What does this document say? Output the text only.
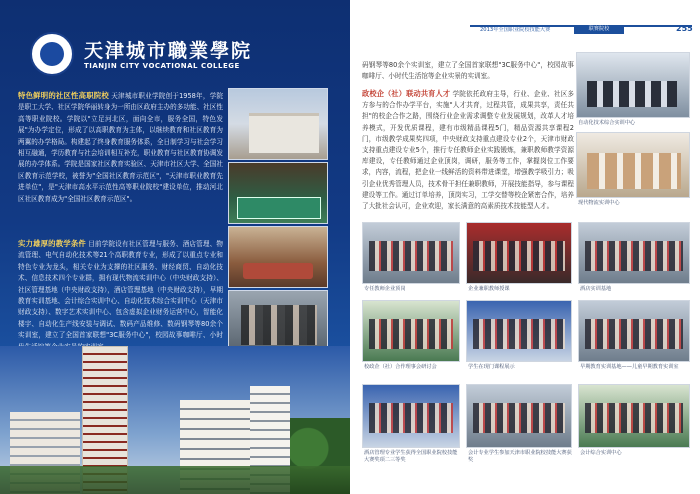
天津城市職業學院
TIANJIN CITY VOCATIONAL COLLEGE
特色鲜明的社区性高职院校 天津城市职业学院创于1958年，学院是职工大学、社区学院华丽转身为一所由区政府主办的多功能、社区性高等职业院校。学院以"立足河北区，面向全市，服务全国，特色发展"为办学定位，形成了以高职教育为主体，以继续教育和社区教育为两翼的办学格局。构建起了终身教育服务体系，全日制学习与社会学习相互融通，学历教育与社会培训相互补充，职业教育与社区教育协调发展的办学体系。学院是国家社区教育实验区、天津市社区大学、全国社区教育示范学校，被誉为"全国社区教育示范区"，"天津市职业教育先进单位"，是"天津市高水平示范性高等职业院校"建设单位，推动河北区社区教育成为"全国社区教育示范区"。
实力雄厚的教学条件 目前学院设有社区管理与服务、酒店管理、物流管理、电气自动化技术等21个高职教育专业，形成了以重点专业和特色专业为龙头，相关专业为支撑的社区服务、财经商贸、自动化技术、信息技术四个专业群，拥有现代物流实训中心（中央财政支持）、社区管理基地（中央财政支持），酒店管理基地（中央财政支持），早期教育实训基地、会计综合实训中心、自动化技术综合实训中心（天津市财政支持）、数字艺术实训中心、包含虚拟企业财务运营中心，智能化楼宇、自动化生产线安装与调试、数码产品维修、数码钢琴等80余个实训室，建立了全国首家联想"3C服务中心"，校园故事咖啡厅、小时
2013年全国职业院校技能大赛	联赛院校	255
码钢琴等80余个实训室，建立了全国首家联想"3C服务中心"，校园故事咖啡厅、小时代生活馆等企业实景的实训室。
政校企（社）联动共育人才 学院依托政府主导，行业、企业、社区多方参与的合作办学平台，实施"人才共育，过程共管，成果共享，责任共担"的校企合作之路，围绕行业企业需求调整专业发展规划，改革人才培养模式，开发优质课程，建有市级精品课程5门，精品资源共享课程2门，市级教学成果奖四项，中央财政支持重点建设专业2个，天津市财政支持重点建设专业5个，推行专任教师企业实践锻炼，兼职教师教学资源库建设，专任教师通过企业顶岗，调研，服务等工作，掌握岗位工作要求，内容，流程，把企业一线鲜活的资料带进课堂，增强教学吸引力；吸引企业优秀管理人员，技术骨干担任兼职教师，开展技能指导，参与课程建设等工作。通过订单培养，顶岗实习，工学交替等校企紧密合作，培养了大批社会认可，企业欢迎，家长满意的高素质技术技能型人才。
自动化技术综合实训中心
现代物流实训中心
专任教师企业顶岗	企业兼职教师授课	酒店实训基地
校政企（社）合作理事会研讨会	学生在现门课程展示	早期教育实训基地——儿童早期教育实训室
酒店管理专业学生获得全国职业院校技能大赛奖项二三等奖
会计专业学生参加天津市职业院校技能大赛获奖
会计综合实训中心
